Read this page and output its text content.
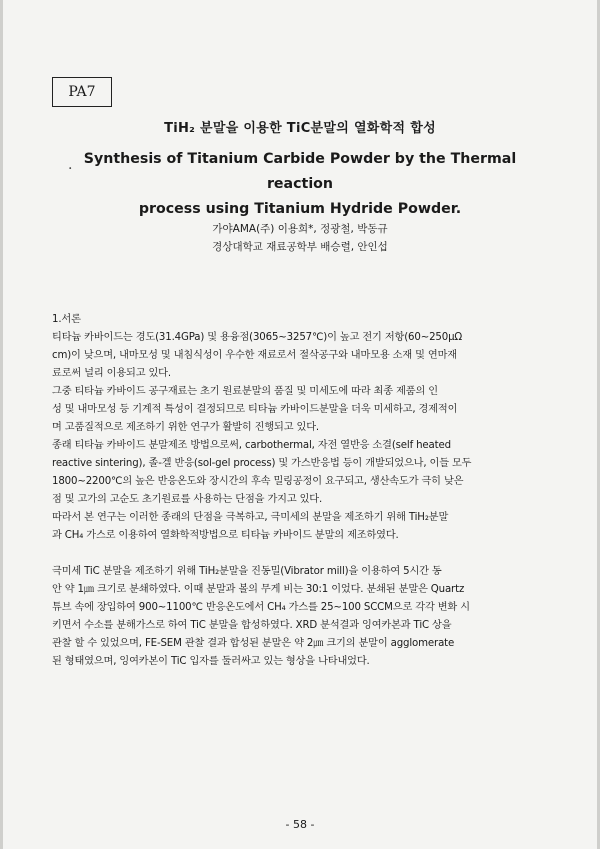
PA7
TiH₂ 분말을 이용한 TiC분말의 열화학적 합성
. Synthesis of Titanium Carbide Powder by the Thermal reaction
process using Titanium Hydride Powder.
가야AMA(주) 이용희*, 정광철, 박동규
경상대학교 재료공학부 배승렬, 안인섭
1.서론
티타늄 카바이드는 경도(31.4GPa) 및 용융점(3065~3257℃)이 높고 전기 저항(60~250μΩ
cm)이 낮으며, 내마모성 및 내침식성이 우수한 재료로서 절삭공구와 내마모용 소재 및 연마재
료로써 널리 이용되고 있다.
그중 티타늄 카바이드 공구재료는 초기 원료분말의 품질 및 미세도에 따라 최종 제품의 인
성 및 내마모성 등 기계적 특성이 결정되므로 티타늄 카바이드분말을 더욱 미세하고, 경제적이
며 고품질적으로 제조하기 위한 연구가 활발히 진행되고 있다.
종래 티타늄 카바이드 분말제조 방법으로써, carbothermal, 자전 열반응 소결(self heated
reactive sintering), 졸-겔 반응(sol-gel process) 및 가스반응법 등이 개발되었으나, 이들 모두
1800~2200℃의 높은 반응온도와 장시간의 후속 밀링공정이 요구되고, 생산속도가 극히 낮은
점 및 고가의 고순도 초기원료를 사용하는 단점을 가지고 있다.
따라서 본 연구는 이러한 종래의 단점을 극복하고, 극미세의 분말을 제조하기 위해 TiH₂분말
과 CH₄ 가스로 이용하여 열화학적방법으로 티타늄 카바이드 분말의 제조하였다.
극미세 TiC 분말을 제조하기 위해 TiH₂분말을 진동밀(Vibrator mill)을 이용하여 5시간 동
안 약 1㎛ 크기로 분쇄하였다. 이때 분말과 볼의 무게 비는 30:1 이었다. 분쇄된 분말은 Quartz
튜브 속에 장입하여 900~1100℃ 반응온도에서 CH₄ 가스를 25~100 SCCM으로 각각 변화 시
키면서 수소를 분해가스로 하여 TiC 분말을 합성하였다. XRD 분석결과 잉여카본과 TiC 상을
관찰 할 수 있었으며, FE-SEM 관찰 결과 합성된 분말은 약 2㎛ 크기의 분말이 agglomerate
된 형태였으며, 잉여카본이 TiC 입자를 둘러싸고 있는 형상을 나타내었다.
- 58 -
